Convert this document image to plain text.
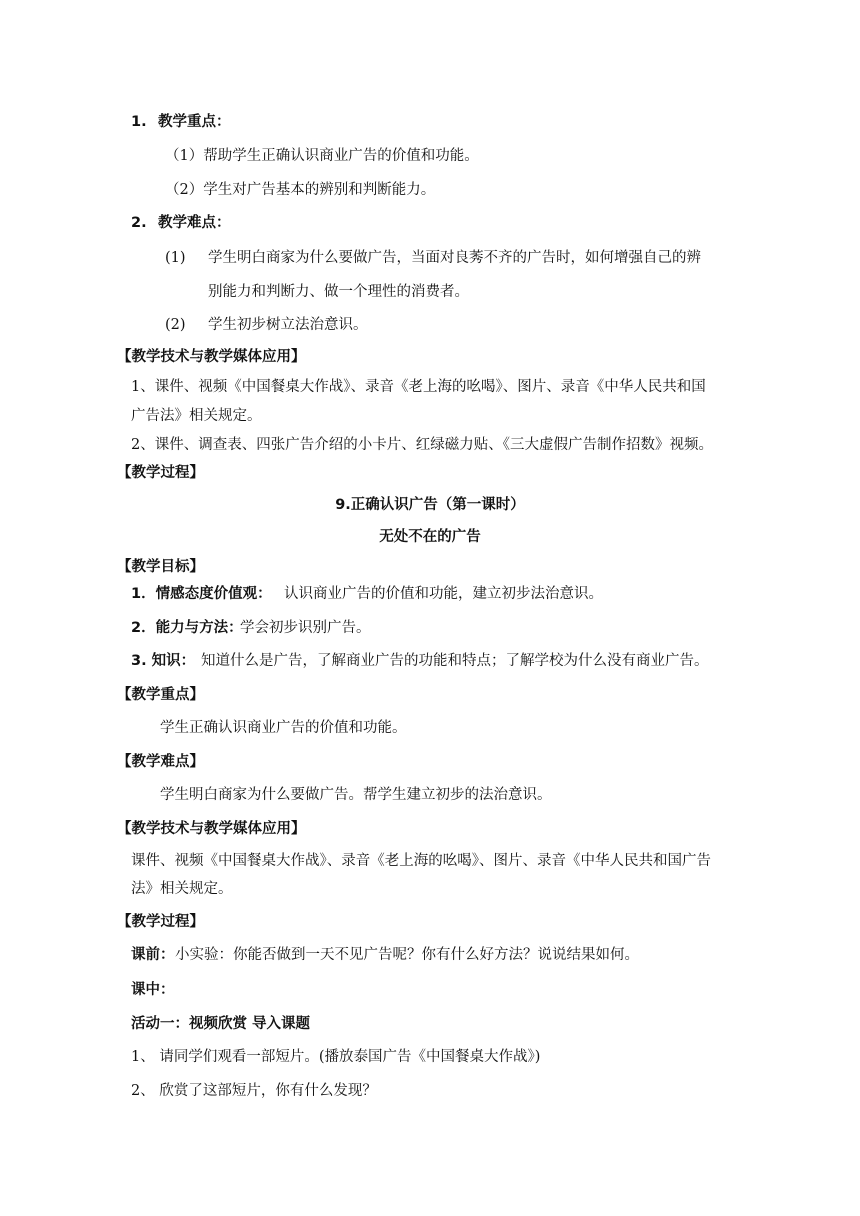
1. 教学重点：
（1）帮助学生正确认识商业广告的价值和功能。
（2）学生对广告基本的辨别和判断能力。
2. 教学难点：
(1) 学生明白商家为什么要做广告，当面对良莠不齐的广告时，如何增强自己的辨
别能力和判断力、做一个理性的消费者。
(2) 学生初步树立法治意识。
【教学技术与教学媒体应用】
1、课件、视频《中国餐桌大作战》、录音《老上海的吆喝》、图片、录音《中华人民共和国
广告法》相关规定。
2、课件、调查表、四张广告介绍的小卡片、红绿磁力贴、《三大虚假广告制作招数》视频。
【教学过程】
9.正确认识广告（第一课时）
无处不在的广告
【教学目标】
1．情感态度价值观： 认识商业广告的价值和功能，建立初步法治意识。
2．能力与方法：
学会初步识别广告。
3. 知识： 知道什么是广告，了解商业广告的功能和特点；了解学校为什么没有商业广告。
【教学重点】
学生正确认识商业广告的价值和功能。
【教学难点】
学生明白商家为什么要做广告。帮学生建立初步的法治意识。
【教学技术与教学媒体应用】
课件、视频《中国餐桌大作战》、录音《老上海的吆喝》、图片、录音《中华人民共和国广告
法》相关规定。
【教学过程】
课前： 小实验：你能否做到一天不见广告呢？你有什么好方法？说说结果如何。
课中：
活动一：视频欣赏 导入课题
1、 请同学们观看一部短片。(播放泰国广告《中国餐桌大作战》)
2、 欣赏了这部短片，你有什么发现？
